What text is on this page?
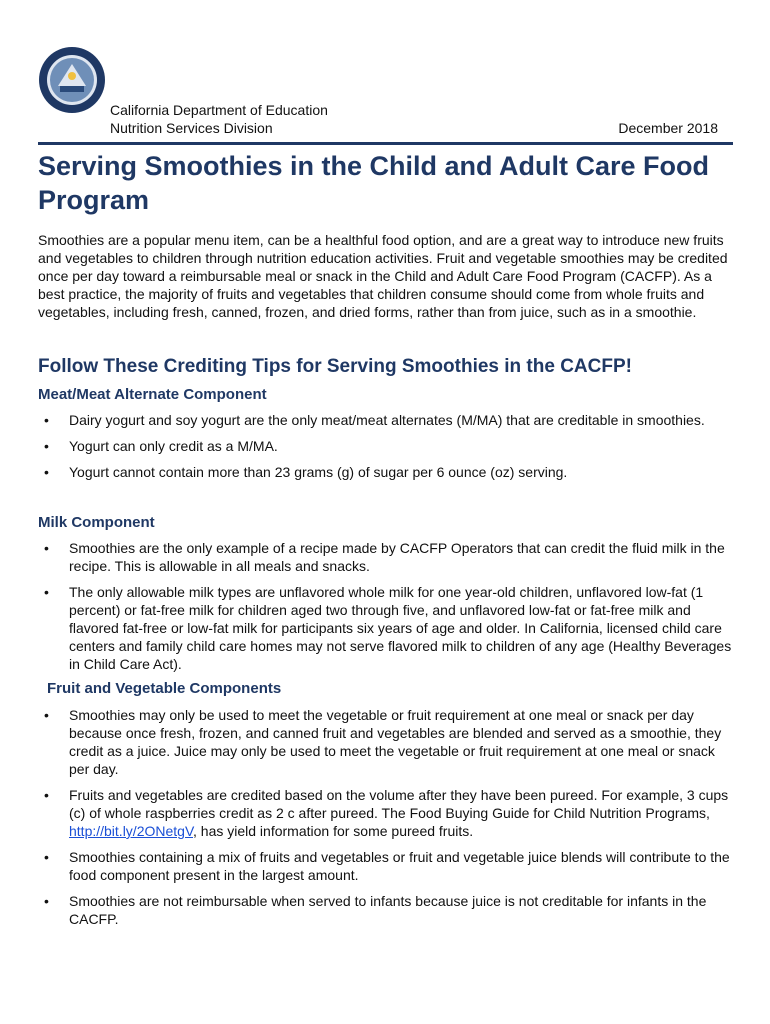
California Department of Education
Nutrition Services Division	December 2018
Serving Smoothies in the Child and Adult Care Food Program

Smoothies are a popular menu item, can be a healthful food option, and are a great way to introduce new fruits and vegetables to children through nutrition education activities. Fruit and vegetable smoothies may be credited once per day toward a reimbursable meal or snack in the Child and Adult Care Food Program (CACFP). As a best practice, the majority of fruits and vegetables that children consume should come from whole fruits and vegetables, including fresh, canned, frozen, and dried forms, rather than from juice, such as in a smoothie.

Follow These Crediting Tips for Serving Smoothies in the CACFP!
Meat/Meat Alternate Component
• Dairy yogurt and soy yogurt are the only meat/meat alternates (M/MA) that are creditable in smoothies.
• Yogurt can only credit as a M/MA.
• Yogurt cannot contain more than 23 grams (g) of sugar per 6 ounce (oz) serving.
Milk Component
• Smoothies are the only example of a recipe made by CACFP Operators that can credit the fluid milk in the recipe. This is allowable in all meals and snacks.
• The only allowable milk types are unflavored whole milk for one year-old children, unflavored low-fat (1 percent) or fat-free milk for children aged two through five, and unflavored low-fat or fat-free milk and flavored fat-free or low-fat milk for participants six years of age and older. In California, licensed child care centers and family child care homes may not serve flavored milk to children of any age (Healthy Beverages in Child Care Act).
Fruit and Vegetable Components
• Smoothies may only be used to meet the vegetable or fruit requirement at one meal or snack per day because once fresh, frozen, and canned fruit and vegetables are blended and served as a smoothie, they credit as a juice. Juice may only be used to meet the vegetable or fruit requirement at one meal or snack per day.
• Fruits and vegetables are credited based on the volume after they have been pureed. For example, 3 cups (c) of whole raspberries credit as 2 c after pureed. The Food Buying Guide for Child Nutrition Programs, http://bit.ly/2ONetgV, has yield information for some pureed fruits.
• Smoothies containing a mix of fruits and vegetables or fruit and vegetable juice blends will contribute to the food component present in the largest amount.
• Smoothies are not reimbursable when served to infants because juice is not creditable for infants in the CACFP.
